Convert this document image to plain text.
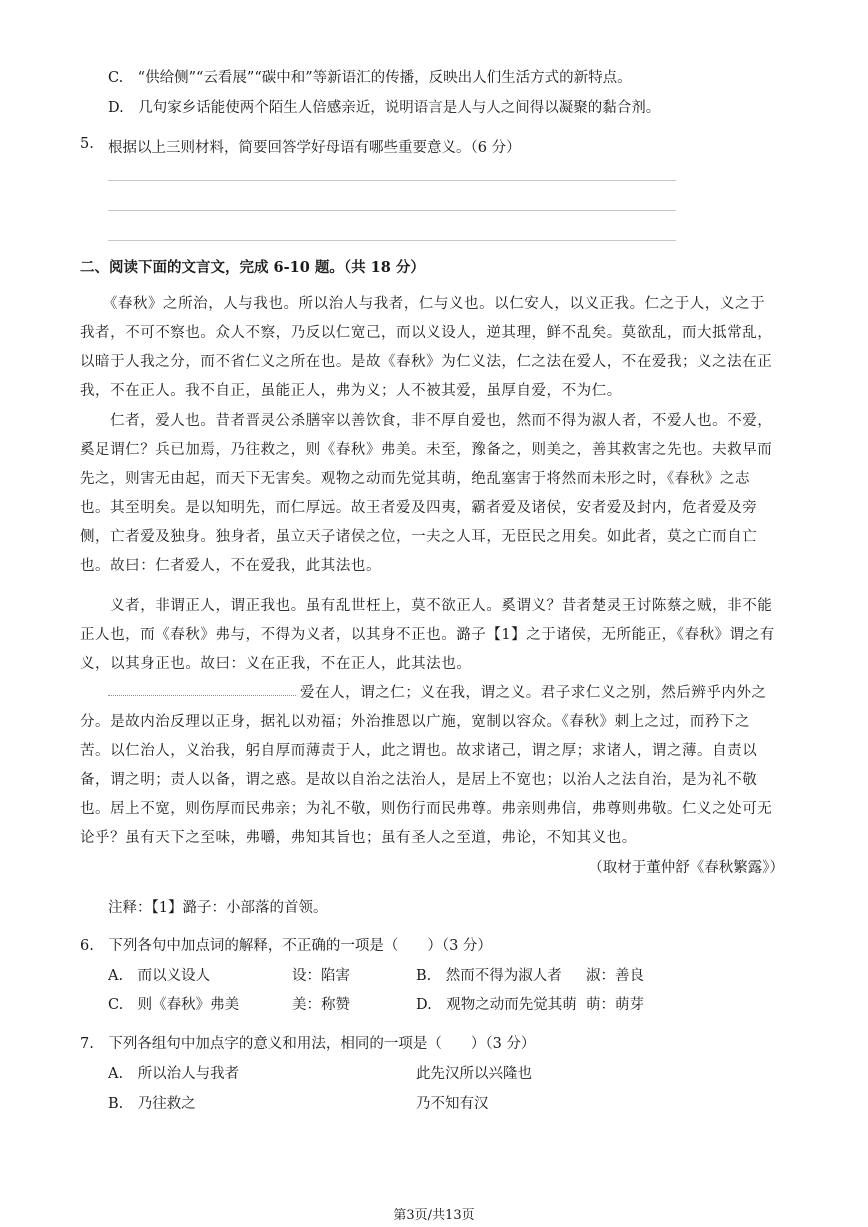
C.　“供给侧”“云看展”“碳中和”等新语汇的传播，反映出人们生活方式的新特点。
D.　几句家乡话能使两个陌生人倍感亲近，说明语言是人与人之间得以凝聚的黏合剂。
5. 根据以上三则材料，简要回答学好母语有哪些重要意义。（6 分）
二、阅读下面的文言文，完成 6-10 题。（共 18 分）
　　《春秋》之所治，人与我也。所以治人与我者，仁与义也。以仁安人，以义正我。仁之于人，义之于
我者，不可不察也。众人不察，乃反以仁宽己，而以义设人，逆其理，鲜不乱矣。莫欲乱，而大抵常乱，
以暗于人我之分，而不省仁义之所在也。是故《春秋》为仁义法，仁之法在爱人，不在爱我；义之法在正
我，不在正人。我不自正，虽能正人，弗为义；人不被其爱，虽厚自爱，不为仁。
　　仁者，爱人也。昔者晋灵公杀膳宰以善饮食，非不厚自爱也，然而不得为淑人者，不爱人也。不爱，
奚足谓仁？兵已加焉，乃往救之，则《春秋》弗美。未至，豫备之，则美之，善其救害之先也。夫救早而
先之，则害无由起，而天下无害矣。观物之动而先觉其萌，绝乱塞害于将然而未形之时，《春秋》之志
也。其至明矣。是以知明先，而仁厚远。故王者爱及四夷，霸者爱及诸侯，安者爱及封内，危者爱及旁
侧，亡者爱及独身。独身者，虽立天子诸侯之位，一夫之人耳，无臣民之用矣。如此者，莫之亡而自亡
也。故曰：仁者爱人，不在爱我，此其法也。
　　义者，非谓正人，谓正我也。虽有乱世枉上，莫不欲正人。奚谓义？昔者楚灵王讨陈蔡之贼，非不能
正人也，而《春秋》弗与，不得为义者，以其身不正也。潞子【1】之于诸侯，无所能正，《春秋》谓之有
义，以其身正也。故曰：义在正我，不在正人，此其法也。
爱在人，谓之仁；义在我，谓之义。君子求仁义之别，然后辨乎内外之
分。是故内治反理以正身，据礼以劝福；外治推恩以广施，宽制以容众。《春秋》刺上之过，而矜下之
苦。以仁治人，义治我，躬自厚而薄责于人，此之谓也。故求诸己，谓之厚；求诸人，谓之薄。自责以
备，谓之明；责人以备，谓之惑。是故以自治之法治人，是居上不宽也；以治人之法自治，是为礼不敬
也。居上不宽，则伤厚而民弗亲；为礼不敬，则伤行而民弗尊。弗亲则弗信，弗尊则弗敬。仁义之处可无
论乎？虽有天下之至味，弗嚼，弗知其旨也；虽有圣人之至道，弗论，不知其义也。
（取材于董仲舒《春秋繁露》）
注释：【1】潞子：小部落的首领。
6.　下列各句中加点词的解释，不正确的一项是（　　）（3 分）
A.　而以义设人	设：陷害	B.　然而不得为淑人者 淑：善良
C.　则《春秋》弗美	美：称赞	D.　观物之动而先觉其萌 萌：萌芽
7.　下列各组句中加点字的意义和用法，相同的一项是（　　）（3 分）
A.　所以治人与我者	此先汉所以兴隆也
B.　乃往救之	乃不知有汉
第3页/共13页
